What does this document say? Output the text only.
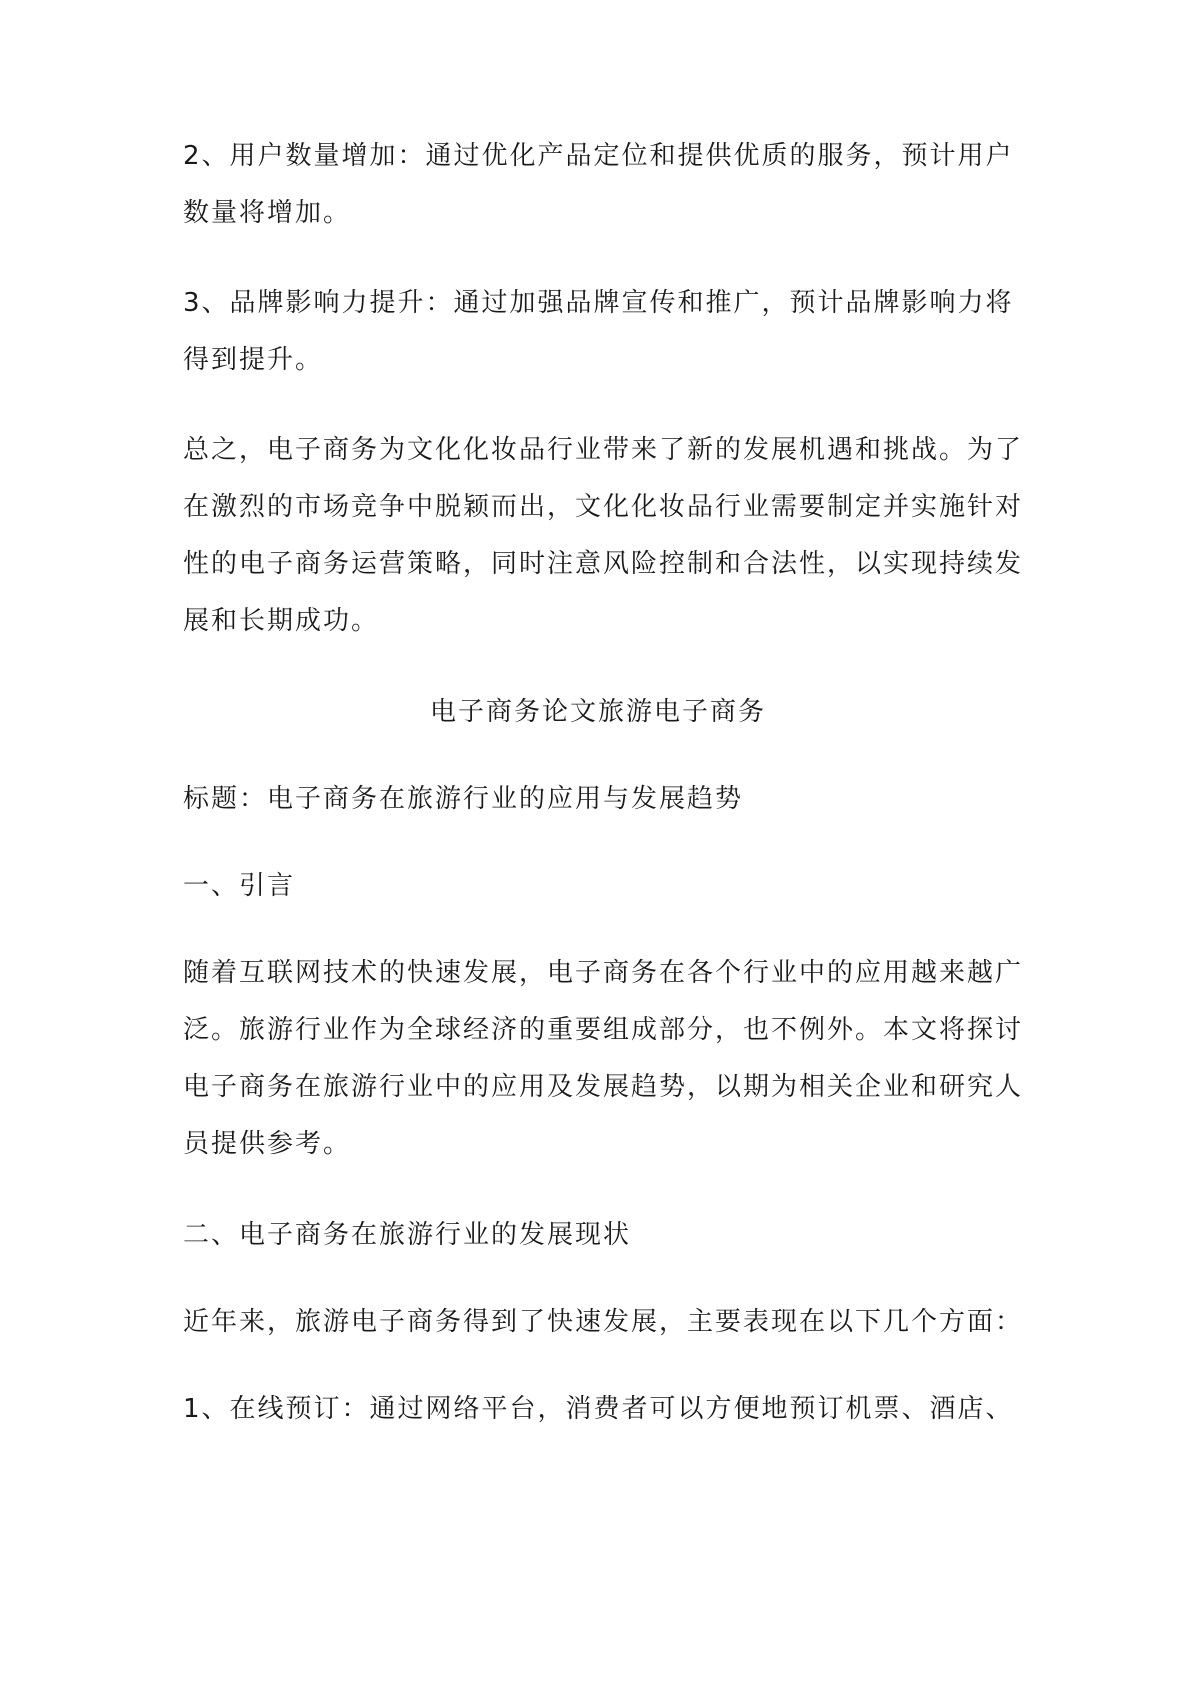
2、用户数量增加：通过优化产品定位和提供优质的服务，预计用户
数量将增加。

3、品牌影响力提升：通过加强品牌宣传和推广，预计品牌影响力将
得到提升。

总之，电子商务为文化化妆品行业带来了新的发展机遇和挑战。为了
在激烈的市场竞争中脱颖而出，文化化妆品行业需要制定并实施针对
性的电子商务运营策略，同时注意风险控制和合法性，以实现持续发
展和长期成功。

电子商务论文旅游电子商务

标题：电子商务在旅游行业的应用与发展趋势

一、引言

随着互联网技术的快速发展，电子商务在各个行业中的应用越来越广
泛。旅游行业作为全球经济的重要组成部分，也不例外。本文将探讨
电子商务在旅游行业中的应用及发展趋势，以期为相关企业和研究人
员提供参考。

二、电子商务在旅游行业的发展现状

近年来，旅游电子商务得到了快速发展，主要表现在以下几个方面：

1、在线预订：通过网络平台，消费者可以方便地预订机票、酒店、
